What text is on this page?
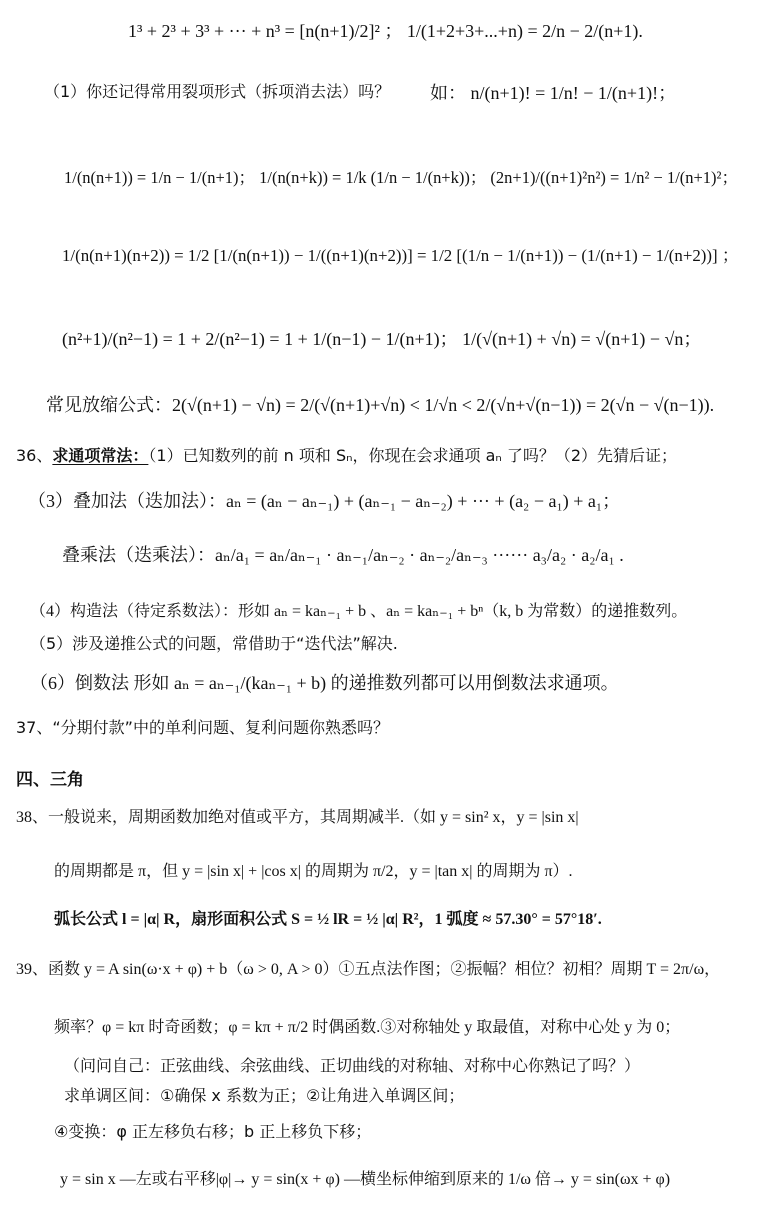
1³ + 2³ + 3³ + ··· + n³ = [n(n+1)/2]² ； 1/(1+2+3+...+n) = 2/n − 2/(n+1).
（1）你还记得常用裂项形式（拆项消去法）吗？ 如： n/(n+1)! = 1/n! − 1/(n+1)!；
1/(n(n+1)) = 1/n − 1/(n+1)； 1/(n(n+k)) = 1/k (1/n − 1/(n+k))； (2n+1)/((n+1)²n²) = 1/n² − 1/(n+1)²；
1/(n(n+1)(n+2)) = 1/2 [1/(n(n+1)) − 1/((n+1)(n+2))] = 1/2 [(1/n − 1/(n+1)) − (1/(n+1) − 1/(n+2))] ；
(n²+1)/(n²−1) = 1 + 2/(n²−1) = 1 + 1/(n−1) − 1/(n+1)； 1/(√(n+1) + √n) = √(n+1) − √n；
常见放缩公式：2(√(n+1) − √n) = 2/(√(n+1)+√n) < 1/√n < 2/(√n+√(n−1)) = 2(√n − √(n−1)).
36、求通项常法：（1）已知数列的前 n 项和 Sₙ，你现在会求通项 aₙ 了吗？（2）先猜后证；
（3）叠加法（迭加法）：aₙ = (aₙ − aₙ₋₁) + (aₙ₋₁ − aₙ₋₂) + ··· + (a₂ − a₁) + a₁；
叠乘法（迭乘法）：aₙ/a₁ = aₙ/aₙ₋₁ · aₙ₋₁/aₙ₋₂ · aₙ₋₂/aₙ₋₃ ······ a₃/a₂ · a₂/a₁ .
（4）构造法（待定系数法）：形如 aₙ = kaₙ₋₁ + b 、aₙ = kaₙ₋₁ + bⁿ（k, b 为常数）的递推数列。
（5）涉及递推公式的问题，常借助于“迭代法”解决.
（6）倒数法 形如 aₙ = aₙ₋₁/(kaₙ₋₁ + b) 的递推数列都可以用倒数法求通项。
37、“分期付款”中的单利问题、复利问题你熟悉吗？
四、三角
38、一般说来，周期函数加绝对值或平方，其周期减半.（如 y = sin² x，y = |sin x|
的周期都是 π，但 y = |sin x| + |cos x| 的周期为 π/2，y = |tan x| 的周期为 π）.
弧长公式 l = |α| R，扇形面积公式 S = ½ lR = ½ |α| R²，1 弧度 ≈ 57.30° = 57°18′.
39、函数 y = A sin(ω·x + φ) + b（ω > 0, A > 0）①五点法作图；②振幅？相位？初相？周期 T = 2π/ω，
频率？φ = kπ 时奇函数；φ = kπ + π/2 时偶函数.③对称轴处 y 取最值，对称中心处 y 为 0；
（问问自己：正弦曲线、余弦曲线、正切曲线的对称轴、对称中心你熟记了吗？）
求单调区间：①确保 x 系数为正；②让角进入单调区间；
④变换：φ 正左移负右移；b 正上移负下移；
y = sin x —左或右平移|φ|→ y = sin(x + φ) —横坐标伸缩到原来的 1/ω 倍→ y = sin(ωx + φ)
